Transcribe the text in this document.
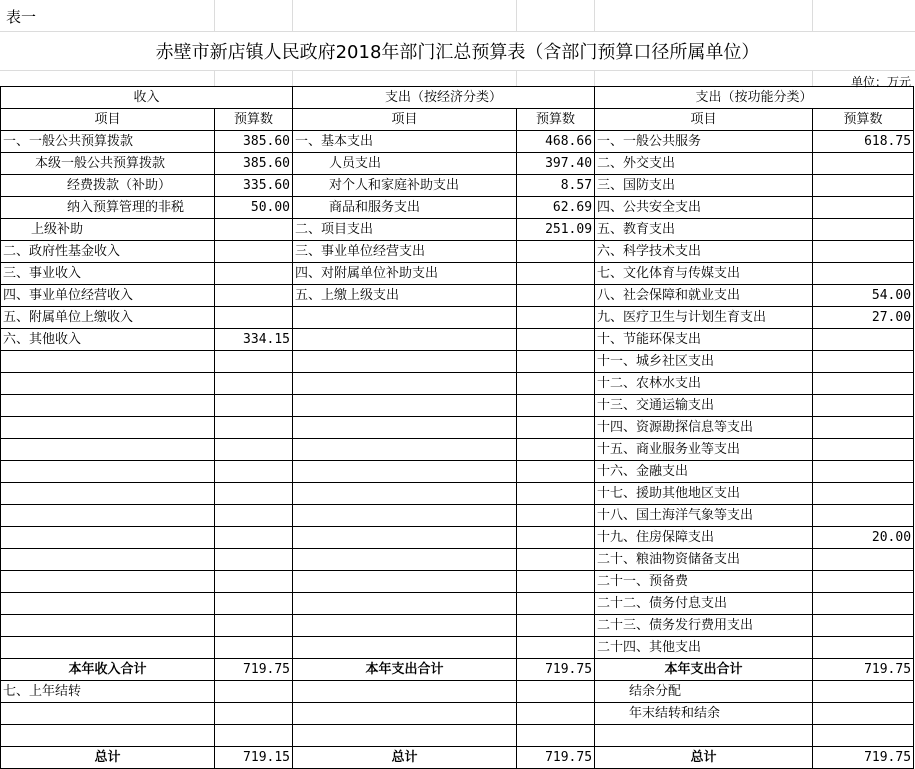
表一
赤壁市新店镇人民政府2018年部门汇总预算表（含部门预算口径所属单位）
单位：万元
收入		支出（按经济分类）		支出（按功能分类）	
项目	预算数	项目	预算数	项目	预算数
一、一般公共预算拨款	385.60	一、基本支出	468.66	一、一般公共服务	618.75
本级一般公共预算拨款	385.60	人员支出	397.40	二、外交支出	
经费拨款（补助）	335.60	对个人和家庭补助支出	8.57	三、国防支出	
纳入预算管理的非税	50.00	商品和服务支出	62.69	四、公共安全支出	
上级补助		二、项目支出	251.09	五、教育支出	
二、政府性基金收入		三、事业单位经营支出		六、科学技术支出	
三、事业收入		四、对附属单位补助支出		七、文化体育与传媒支出	
四、事业单位经营收入		五、上缴上级支出		八、社会保障和就业支出	54.00
五、附属单位上缴收入				九、医疗卫生与计划生育支出	27.00
六、其他收入	334.15			十、节能环保支出	
				十一、城乡社区支出	
				十二、农林水支出	
				十三、交通运输支出	
				十四、资源勘探信息等支出	
				十五、商业服务业等支出	
				十六、金融支出	
				十七、援助其他地区支出	
				十八、国土海洋气象等支出	
				十九、住房保障支出	20.00
				二十、粮油物资储备支出	
				二十一、预备费	
				二十二、债务付息支出	
				二十三、债务发行费用支出	
				二十四、其他支出	
本年收入合计	719.75	本年支出合计	719.75	本年支出合计	719.75
七、上年结转				结余分配	
				年末结转和结余	

总计	719.15	总计	719.75	总计	719.75
